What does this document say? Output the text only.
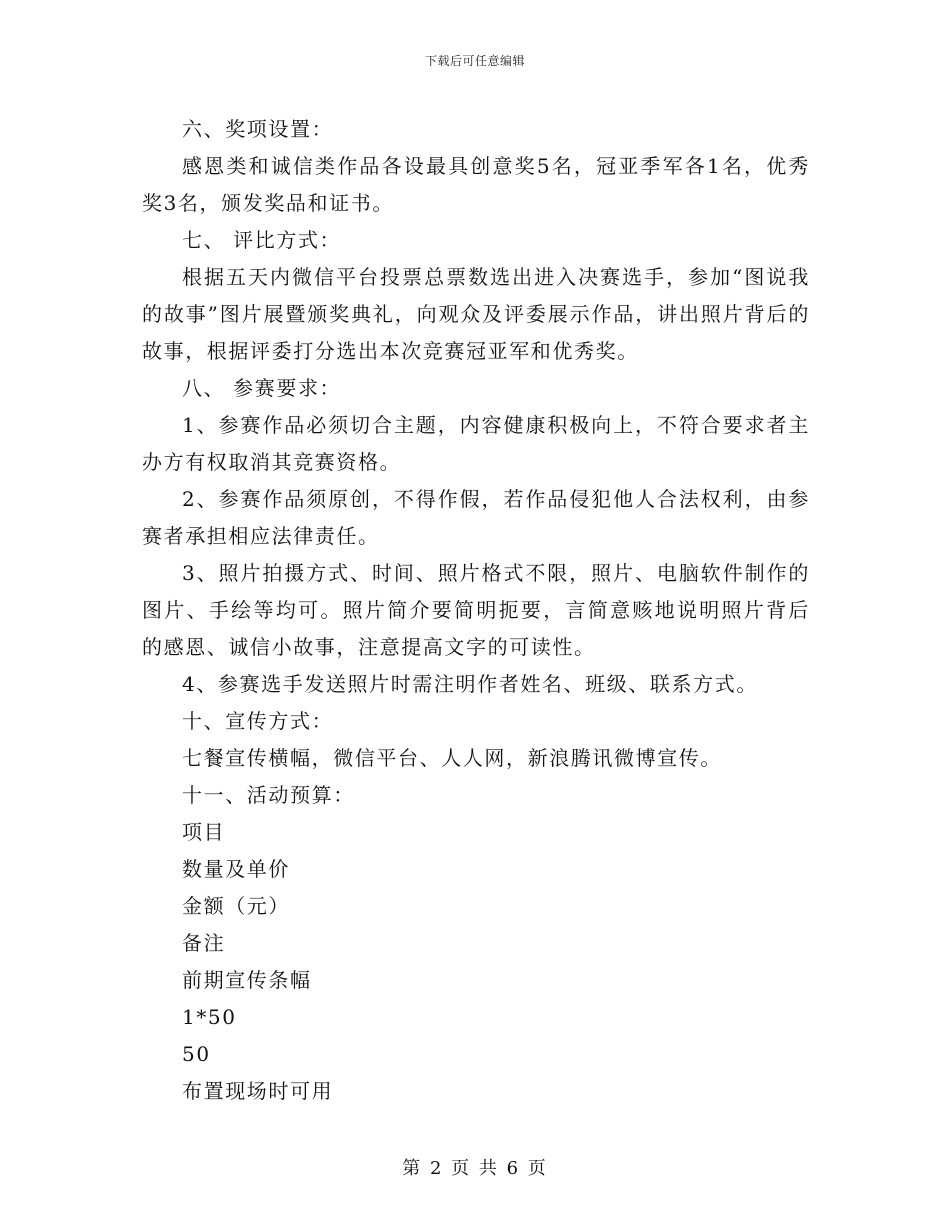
下载后可任意编辑

六、奖项设置：

感恩类和诚信类作品各设最具创意奖5名，冠亚季军各1名，优秀奖3名，颁发奖品和证书。

七、 评比方式：

根据五天内微信平台投票总票数选出进入决赛选手，参加“图说我的故事”图片展暨颁奖典礼，向观众及评委展示作品，讲出照片背后的故事，根据评委打分选出本次竞赛冠亚军和优秀奖。

八、 参赛要求：

1、参赛作品必须切合主题，内容健康积极向上，不符合要求者主办方有权取消其竞赛资格。

2、参赛作品须原创，不得作假，若作品侵犯他人合法权利，由参赛者承担相应法律责任。

3、照片拍摄方式、时间、照片格式不限，照片、电脑软件制作的图片、手绘等均可。照片简介要简明扼要，言简意赅地说明照片背后的感恩、诚信小故事，注意提高文字的可读性。

4、参赛选手发送照片时需注明作者姓名、班级、联系方式。

十、宣传方式：

七餐宣传横幅，微信平台、人人网，新浪腾讯微博宣传。

十一、活动预算：

项目

数量及单价

金额（元）

备注

前期宣传条幅

1*50

50

布置现场时可用

第 2 页 共 6 页
